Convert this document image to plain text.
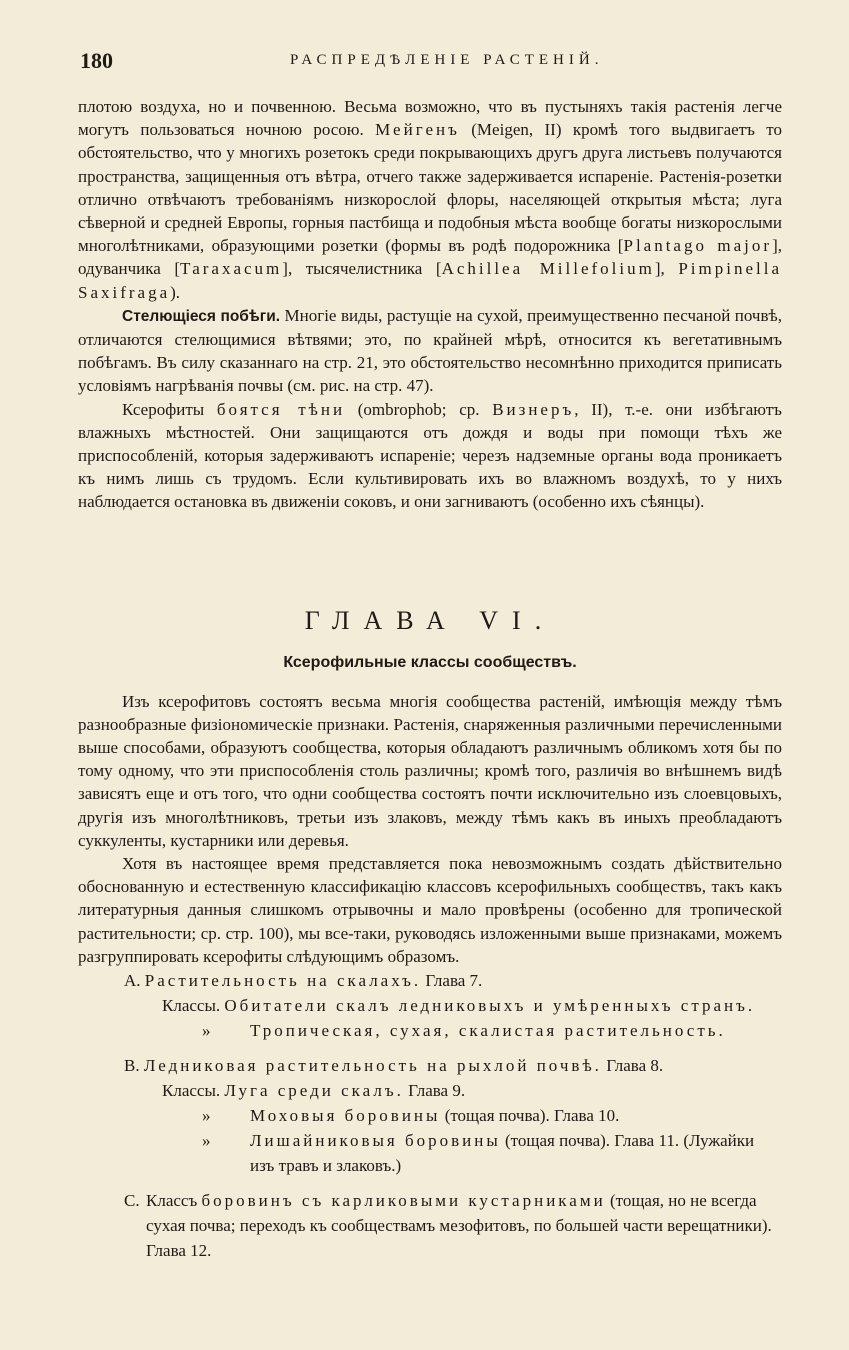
180	РАСПРЕДѢЛЕНІЕ РАСТЕНІЙ.

плотою воздуха, но и почвенною. Весьма возможно, что въ пустыняхъ такія растенія легче могутъ пользоваться ночною росою. Мейгенъ (Meigen, II) кромѣ того выдвигаетъ то обстоятельство, что у многихъ розетокъ среди покрывающихъ другъ друга листьевъ получаются пространства, защищенныя отъ вѣтра, отчего также задерживается испареніе. Растенія-розетки отлично отвѣчаютъ требованіямъ низкорослой флоры, населяющей открытыя мѣста; луга сѣверной и средней Европы, горныя пастбища и подобныя мѣста вообще богаты низкорослыми многолѣтниками, образующими розетки (формы въ родѣ подорожника [Plantago major], одуванчика [Taraxacum], тысячелистника [Achillea Millefolium], Pimpinella Saxifraga).

Стелющіеся побѣги. Многіе виды, растущіе на сухой, преимущественно песчаной почвѣ, отличаются стелющимися вѣтвями; это, по крайней мѣрѣ, относится къ вегетативнымъ побѣгамъ. Въ силу сказаннаго на стр. 21, это обстоятельство несомнѣнно приходится приписать условіямъ нагрѣванія почвы (см. рис. на стр. 47).

Ксерофиты боятся тѣни (ombrophob; ср. Визнеръ, II), т.-е. они избѣгаютъ влажныхъ мѣстностей. Они защищаются отъ дождя и воды при помощи тѣхъ же приспособленій, которыя задерживаютъ испареніе; черезъ надземные органы вода проникаетъ къ нимъ лишь съ трудомъ. Если культивировать ихъ во влажномъ воздухѣ, то у нихъ наблюдается остановка въ движеніи соковъ, и они загниваютъ (особенно ихъ сѣянцы).

ГЛАВА VI.
Ксерофильные классы сообществъ.

Изъ ксерофитовъ состоятъ весьма многія сообщества растеній, имѣющія между тѣмъ разнообразные физіономическіе признаки. Растенія, снаряженныя различными перечисленными выше способами, образуютъ сообщества, которыя обладаютъ различнымъ обликомъ хотя бы по тому одному, что эти приспособленія столь различны; кромѣ того, различія во внѣшнемъ видѣ зависятъ еще и отъ того, что одни сообщества состоятъ почти исключительно изъ слоевцовыхъ, другія изъ многолѣтниковъ, третьи изъ злаковъ, между тѣмъ какъ въ иныхъ преобладаютъ суккуленты, кустарники или деревья.

Хотя въ настоящее время представляется пока невозможнымъ создать дѣйствительно обоснованную и естественную классификацію классовъ ксерофильныхъ сообществъ, такъ какъ литературныя данныя слишкомъ отрывочны и мало провѣрены (особенно для тропической растительности; ср. стр. 100), мы все-таки, руководясь изложенными выше признаками, можемъ разгруппировать ксерофиты слѣдующимъ образомъ.

А. Растительность на скалахъ. Глава 7.
Классы. Обитатели скалъ ледниковыхъ и умѣренныхъ странъ.
» Тропическая, сухая, скалистая растительность.
В. Ледниковая растительность на рыхлой почвѣ. Глава 8.
Классы. Луга среди скалъ. Глава 9.
» Моховыя боровины (тощая почва). Глава 10.
»	Лишайниковыя боровины (тощая почва). Глава 11. (Лужайки изъ травъ и злаковъ.)
С. Классъ боровинъ съ карликовыми кустарниками (тощая, но не всегда сухая почва; переходъ къ сообществамъ мезофитовъ, по большей части верещатники). Глава 12.
